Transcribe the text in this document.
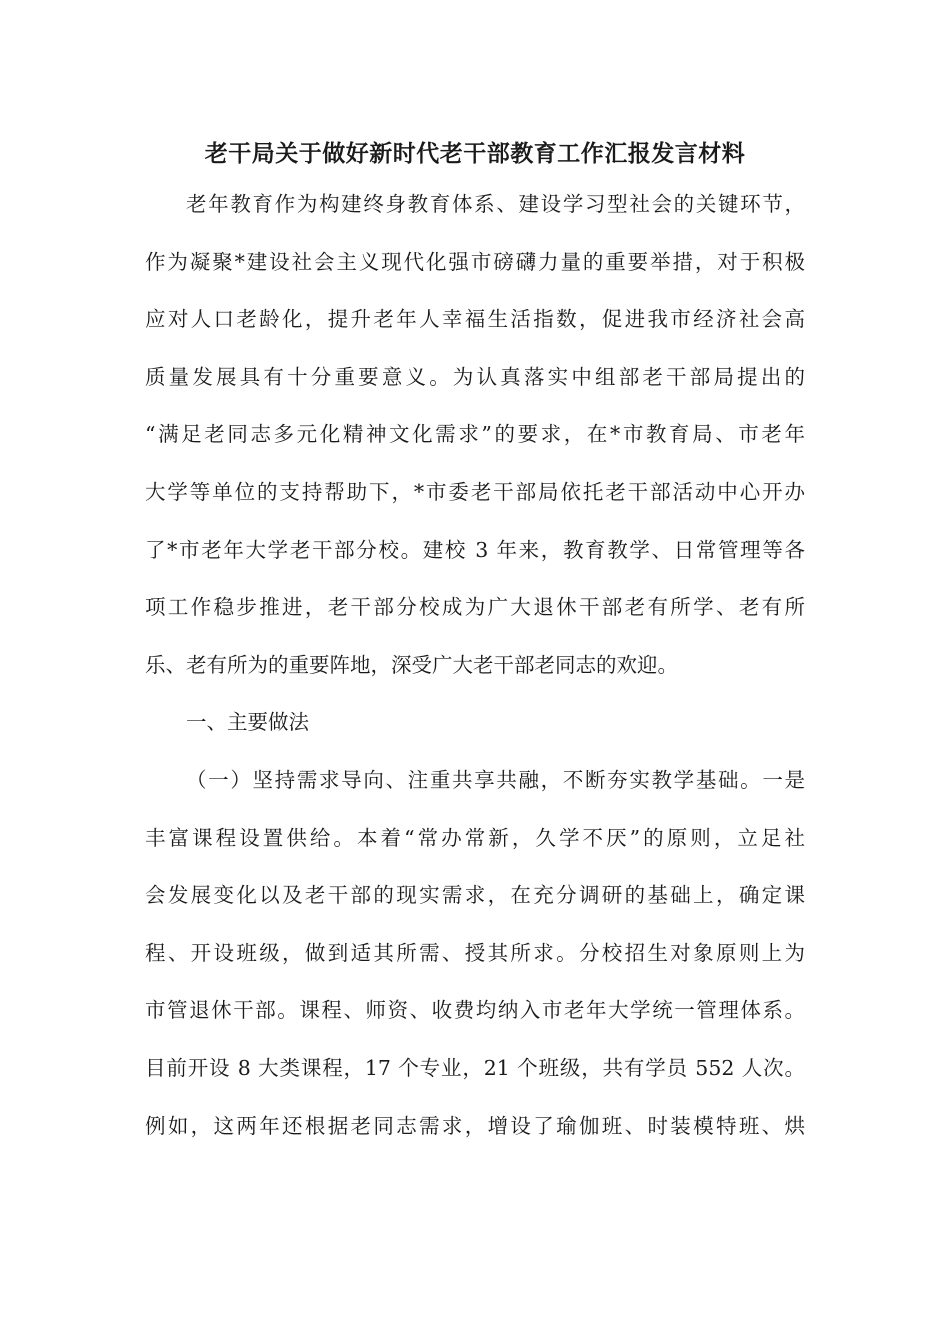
老干局关于做好新时代老干部教育工作汇报发言材料
老年教育作为构建终身教育体系、建设学习型社会的关键环节，
作为凝聚*建设社会主义现代化强市磅礴力量的重要举措，对于积极
应对人口老龄化，提升老年人幸福生活指数，促进我市经济社会高
质量发展具有十分重要意义。为认真落实中组部老干部局提出的
“满足老同志多元化精神文化需求”的要求，在*市教育局、市老年
大学等单位的支持帮助下，*市委老干部局依托老干部活动中心开办
了*市老年大学老干部分校。建校 3 年来，教育教学、日常管理等各
项工作稳步推进，老干部分校成为广大退休干部老有所学、老有所
乐、老有所为的重要阵地，深受广大老干部老同志的欢迎。
一、主要做法
（一）坚持需求导向、注重共享共融，不断夯实教学基础。一是
丰富课程设置供给。本着“常办常新，久学不厌”的原则，立足社
会发展变化以及老干部的现实需求，在充分调研的基础上，确定课
程、开设班级，做到适其所需、授其所求。分校招生对象原则上为
市管退休干部。课程、师资、收费均纳入市老年大学统一管理体系。
目前开设 8 大类课程，17 个专业，21 个班级，共有学员 552 人次。
例如，这两年还根据老同志需求，增设了瑜伽班、时装模特班、烘
